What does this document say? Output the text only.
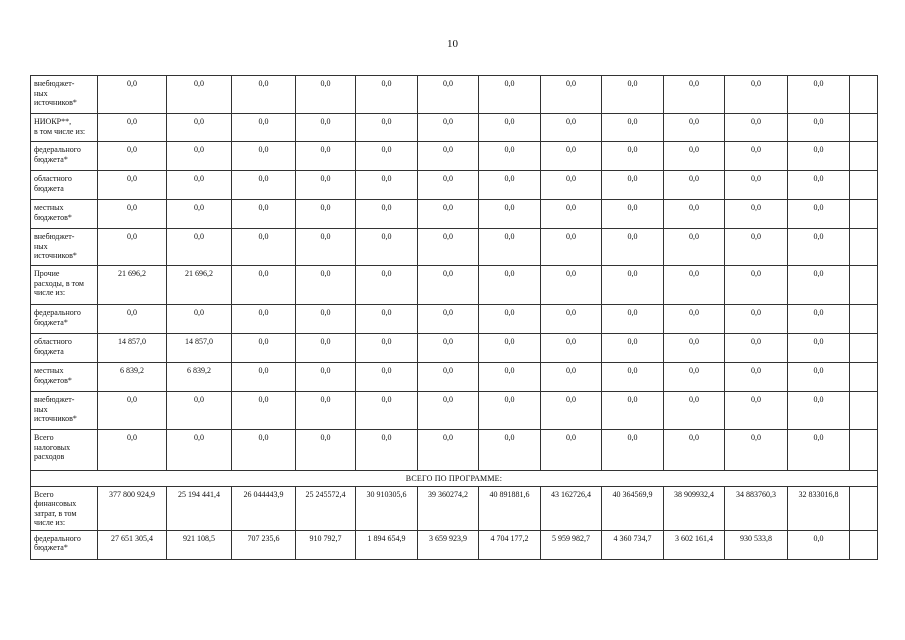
10
внебюджет-
ных
источников*	0,0	0,0	0,0	0,0	0,0	0,0	0,0	0,0	0,0	0,0	0,0	0,0	

НИОКР**,
в том числе из:	0,0	0,0	0,0	0,0	0,0	0,0	0,0	0,0	0,0	0,0	0,0	0,0	

федерального
бюджета*	0,0	0,0	0,0	0,0	0,0	0,0	0,0	0,0	0,0	0,0	0,0	0,0	

областного
бюджета	0,0	0,0	0,0	0,0	0,0	0,0	0,0	0,0	0,0	0,0	0,0	0,0	

местных
бюджетов*	0,0	0,0	0,0	0,0	0,0	0,0	0,0	0,0	0,0	0,0	0,0	0,0	

внебюджет-
ных
источников*	0,0	0,0	0,0	0,0	0,0	0,0	0,0	0,0	0,0	0,0	0,0	0,0	

Прочие
расходы, в том
числе из:	21 696,2	21 696,2	0,0	0,0	0,0	0,0	0,0	0,0	0,0	0,0	0,0	0,0	

федерального
бюджета*	0,0	0,0	0,0	0,0	0,0	0,0	0,0	0,0	0,0	0,0	0,0	0,0	

областного
бюджета	14 857,0	14 857,0	0,0	0,0	0,0	0,0	0,0	0,0	0,0	0,0	0,0	0,0	

местных
бюджетов*	6 839,2	6 839,2	0,0	0,0	0,0	0,0	0,0	0,0	0,0	0,0	0,0	0,0	

внебюджет-
ных
источников*	0,0	0,0	0,0	0,0	0,0	0,0	0,0	0,0	0,0	0,0	0,0	0,0	

Всего
налоговых
расходов	0,0	0,0	0,0	0,0	0,0	0,0	0,0	0,0	0,0	0,0	0,0	0,0	
ВСЕГО ПО ПРОГРАММЕ:													

Всего
финансовых
затрат, в том
числе из:	377 800 924,9	25 194 441,4	26 044443,9	25 245572,4	30 910305,6	39 360274,2	40 891881,6	43 162726,4	40 364569,9	38 909932,4	34 883760,3	32 833016,8	

федерального
бюджета*	27 651 305,4	921 108,5	707 235,6	910 792,7	1 894 654,9	3 659 923,9	4 704 177,2	5 959 982,7	4 360 734,7	3 602 161,4	930 533,8	0,0	
